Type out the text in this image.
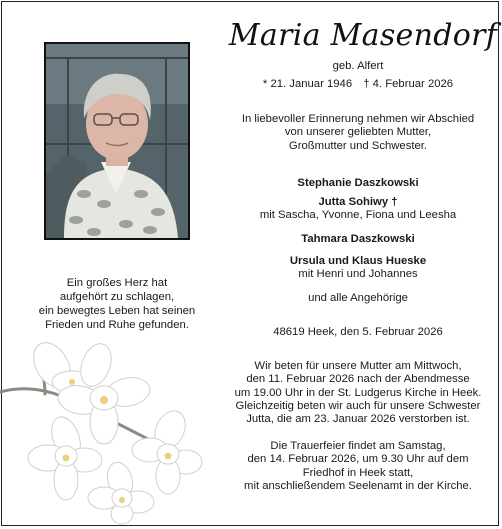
Maria Masendorf
geb. Alfert
* 21. Januar 1946 † 4. Februar 2026
In liebevoller Erinnerung nehmen wir Abschied
von unserer geliebten Mutter,
Großmutter und Schwester.
Stephanie Daszkowski
Jutta Sohiwy †
mit Sascha, Yvonne, Fiona und Leesha
Tahmara Daszkowski
Ursula und Klaus Hueske
mit Henri und Johannes
und alle Angehörige
48619 Heek, den 5. Februar 2026
Wir beten für unsere Mutter am Mittwoch,
den 11. Februar 2026 nach der Abendmesse
um 19.00 Uhr in der St. Ludgerus Kirche in Heek.
Gleichzeitig beten wir auch für unsere Schwester
Jutta, die am 23. Januar 2026 verstorben ist.
Die Trauerfeier findet am Samstag,
den 14. Februar 2026, um 9.30 Uhr auf dem
Friedhof in Heek statt,
mit anschließendem Seelenamt in der Kirche.
Ein großes Herz hat
aufgehört zu schlagen,
ein bewegtes Leben hat seinen
Frieden und Ruhe gefunden.
